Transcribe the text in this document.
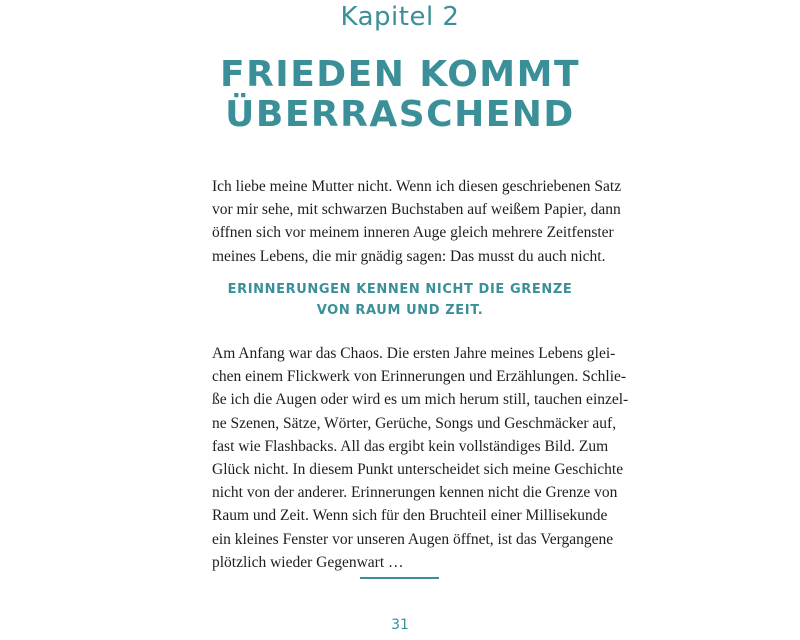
Kapitel 2
FRIEDEN KOMMT
ÜBERRASCHEND

Ich liebe meine Mutter nicht. Wenn ich diesen geschriebenen Satz
vor mir sehe, mit schwarzen Buchstaben auf weißem Papier, dann
öffnen sich vor meinem inneren Auge gleich mehrere Zeitfenster
meines Lebens, die mir gnädig sagen: Das musst du auch nicht.

ERINNERUNGEN KENNEN NICHT DIE GRENZE
VON RAUM UND ZEIT.

Am Anfang war das Chaos. Die ersten Jahre meines Lebens glei-
chen einem Flickwerk von Erinnerungen und Erzählungen. Schlie-
ße ich die Augen oder wird es um mich herum still, tauchen einzel-
ne Szenen, Sätze, Wörter, Gerüche, Songs und Geschmäcker auf,
fast wie Flashbacks. All das ergibt kein vollständiges Bild. Zum
Glück nicht. In diesem Punkt unterscheidet sich meine Geschichte
nicht von der anderer. Erinnerungen kennen nicht die Grenze von
Raum und Zeit. Wenn sich für den Bruchteil einer Millisekunde
ein kleines Fenster vor unseren Augen öffnet, ist das Vergangene
plötzlich wieder Gegenwart …

31
